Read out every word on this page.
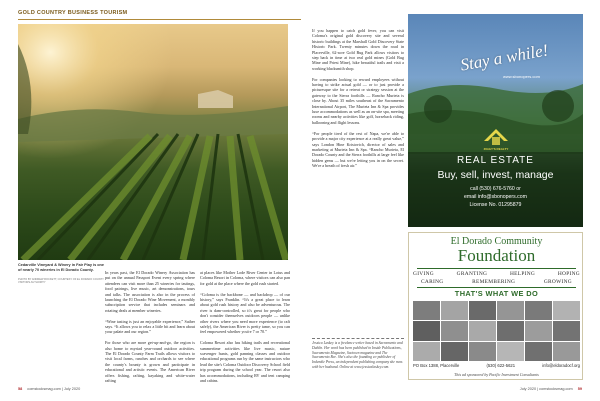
GOLD COUNTRY BUSINESS TOURISM
Cedarville Vineyard & Winery in Fair Play is one of nearly 70 wineries in El Dorado County.
PHOTO BY ANDREW ROCKETT, COURTESY OF EL DORADO COUNTY VISITORS AUTHORITY

In years past, the El Dorado Winery Association has put on the annual Passport Event every spring where attendees can visit more than 25 wineries for tastings, food pairings, live music, art demonstrations, tours and talks. The association is also in the process of launching the El Dorado Wine Movement, a monthly subscription service that includes seminars and rotating deals at member wineries.

“Wine tasting is just an enjoyable experience,” Sather says. “It allows you to relax a little bit and learn about your palate and our region.”

For those who are more get-up-and-go, the region is also home to myriad year-round outdoor activities. The El Dorado County Farm Trails allows visitors to visit local farms, ranches and orchards to see where the county's bounty is grown and participate in educational and artistic events. The American River offers fishing, rafting, kayaking and white-water rafting

at places like Mother Lode River Center in Lotus and Coloma Resort in Coloma, where visitors can also pan for gold at the place where the gold rush started.

“Coloma is the backbone — and backdrop — of our history,” says Franklin. “It's a great place to learn about gold rush history and also be adventurous. The river is dam-controlled, so it's great for people who don't consider themselves outdoors people — unlike other rivers where you need more experience (to raft safely), the American River is pretty tame, so you can feel empowered whether you're 7 or 70.”

Coloma Resort also has hiking trails and recreational summertime activities like live music, nature scavenger hunts, gold panning classes and outdoor educational programs run by the same instructors who lead the site's Coloma Outdoor Discovery School field trip program during the school year. The resort also has accommodations, including RV and tent camping and cabins.

If you happen to catch gold fever, you can visit Coloma's original gold discovery site and several historic buildings at the Marshall Gold Discovery State Historic Park. Twenty minutes down the road in Placerville, 62-acre Gold Bug Park allows visitors to step back in time at two real gold mines (Gold Bug Mine and Priest Mine), hike beautiful trails and visit a working blacksmith shop.

For companies looking to reward employees without having to strike actual gold — or to just provide a picturesque site for a retreat or strategy session at the gateway to the Sierra foothills — Rancho Murieta is close by. About 35 miles southeast of the Sacramento International Airport, The Murieta Inn & Spa provides luxe accommodations as well as an on-site spa, meeting rooms and nearby activities like golf, horseback riding, ballooning and flight lessons.

“For people tired of the rest of Napa, we're able to provide a major city experience at a really great value,” says London Hine Kristovich, director of sales and marketing at Murieta Inn & Spa. “Rancho Murieta, El Dorado County and the Sierra foothills at large feel like hidden gems — but we're letting you in on the secret. We're a breath of fresh air.”

Jessica Laskey is a freelance writer based in Sacramento and Dublin. Her work has been published in Inside Publications, Sacramento Magazine, Sactown magazine and The Sacramento Bee. She's also the founding co-publisher of Indendie Press, an independent publishing company she runs with her husband. Online at www.jessicalaskey.com.
58 comstocksmag.com | July 2020	July 2020 | comstocksmag.com 59
Stay a while!
www.sbonopers.com
ZIGGY'S REALTY
REAL ESTATE
Buy, sell, invest, manage
call (530) 676-5760 or
email info@sbonopers.com
License No. 01295879
El Dorado Community
Foundation
GIVING	GRANTING	HELPING	HOPING
CARING	REMEMBERING	GROWING
THAT'S WHAT WE DO
PO Box 1388, Placerville	(530) 622-5621	info@eldoradocf.org
This ad sponsored by Pacific Investment Consultants
